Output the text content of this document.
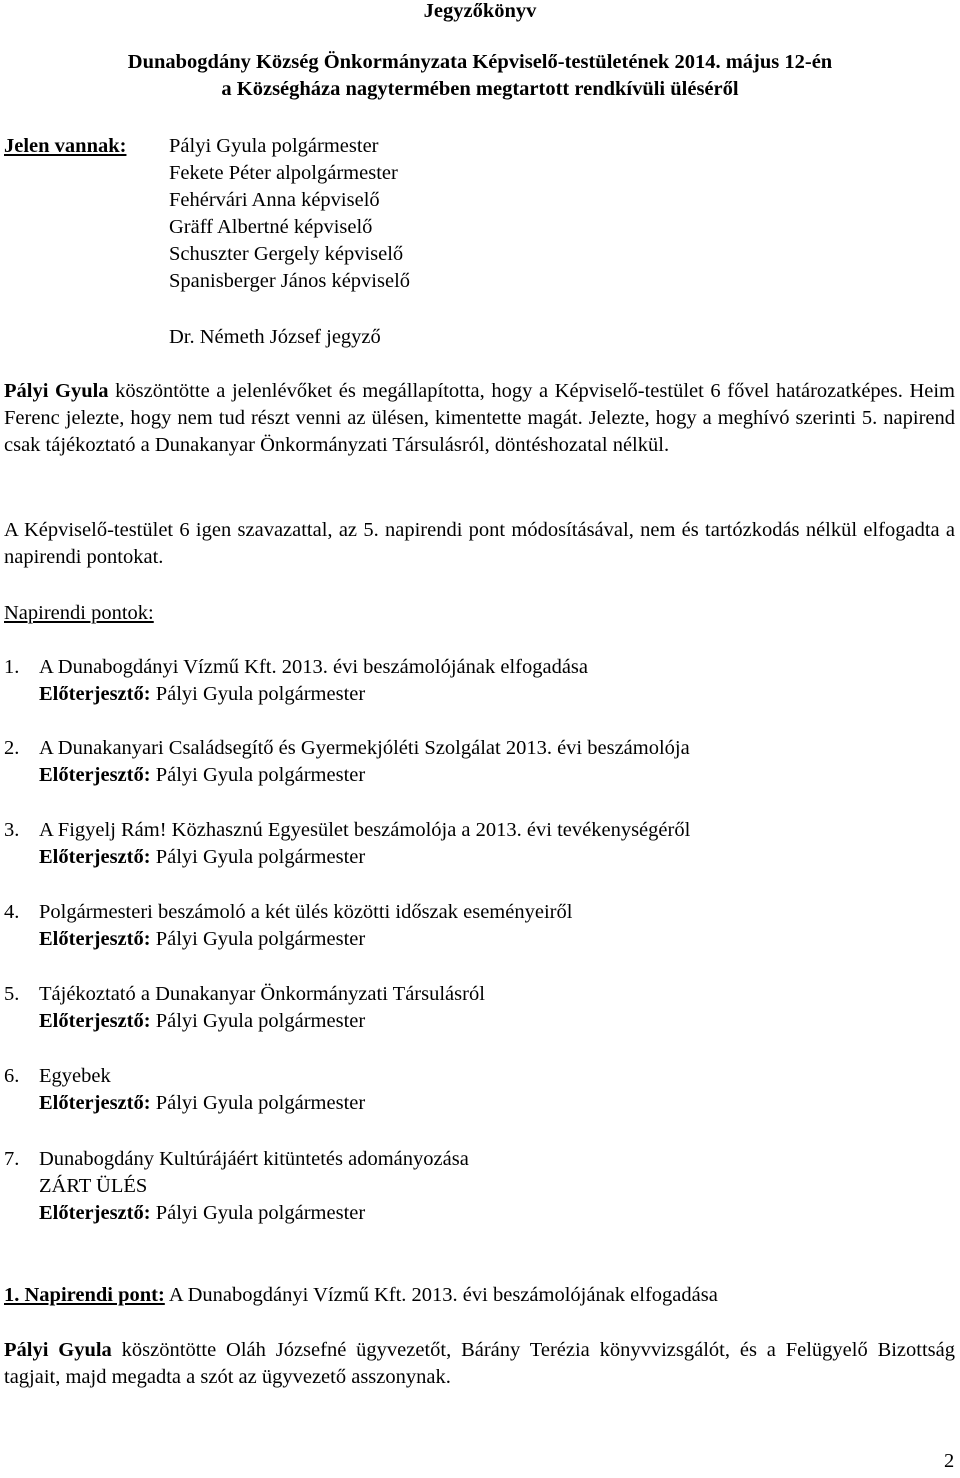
Jegyzőkönyv
Dunabogdány Község Önkormányzata Képviselő-testületének 2014. május 12-én
a Községháza nagytermében megtartott rendkívüli üléséről
Jelen vannak: Pályi Gyula polgármester
Fekete Péter alpolgármester
Fehérvári Anna képviselő
Gräff Albertné képviselő
Schuszter Gergely képviselő
Spanisberger János képviselő
Dr. Németh József jegyző
Pályi Gyula köszöntötte a jelenlévőket és megállapította, hogy a Képviselő-testület 6 fővel határozatképes. Heim Ferenc jelezte, hogy nem tud részt venni az ülésen, kimentette magát. Jelezte, hogy a meghívó szerinti 5. napirend csak tájékoztató a Dunakanyar Önkormányzati Társulásról, döntéshozatal nélkül.
A Képviselő-testület 6 igen szavazattal, az 5. napirendi pont módosításával, nem és tartózkodás nélkül elfogadta a napirendi pontokat.
Napirendi pontok:
1. A Dunabogdányi Vízmű Kft. 2013. évi beszámolójának elfogadása
Előterjesztő: Pályi Gyula polgármester
2. A Dunakanyari Családsegítő és Gyermekjóléti Szolgálat 2013. évi beszámolója
Előterjesztő: Pályi Gyula polgármester
3. A Figyelj Rám! Közhasznú Egyesület beszámolója a 2013. évi tevékenységéről
Előterjesztő: Pályi Gyula polgármester
4. Polgármesteri beszámoló a két ülés közötti időszak eseményeiről
Előterjesztő: Pályi Gyula polgármester
5. Tájékoztató a Dunakanyar Önkormányzati Társulásról
Előterjesztő: Pályi Gyula polgármester
6. Egyebek
Előterjesztő: Pályi Gyula polgármester
7. Dunabogdány Kultúrájáért kitüntetés adományozása
ZÁRT ÜLÉS
Előterjesztő: Pályi Gyula polgármester
1. Napirendi pont: A Dunabogdányi Vízmű Kft. 2013. évi beszámolójának elfogadása
Pályi Gyula köszöntötte Oláh Józsefné ügyvezetőt, Bárány Terézia könyvvizsgálót, és a Felügyelő Bizottság tagjait, majd megadta a szót az ügyvezető asszonynak.
2
